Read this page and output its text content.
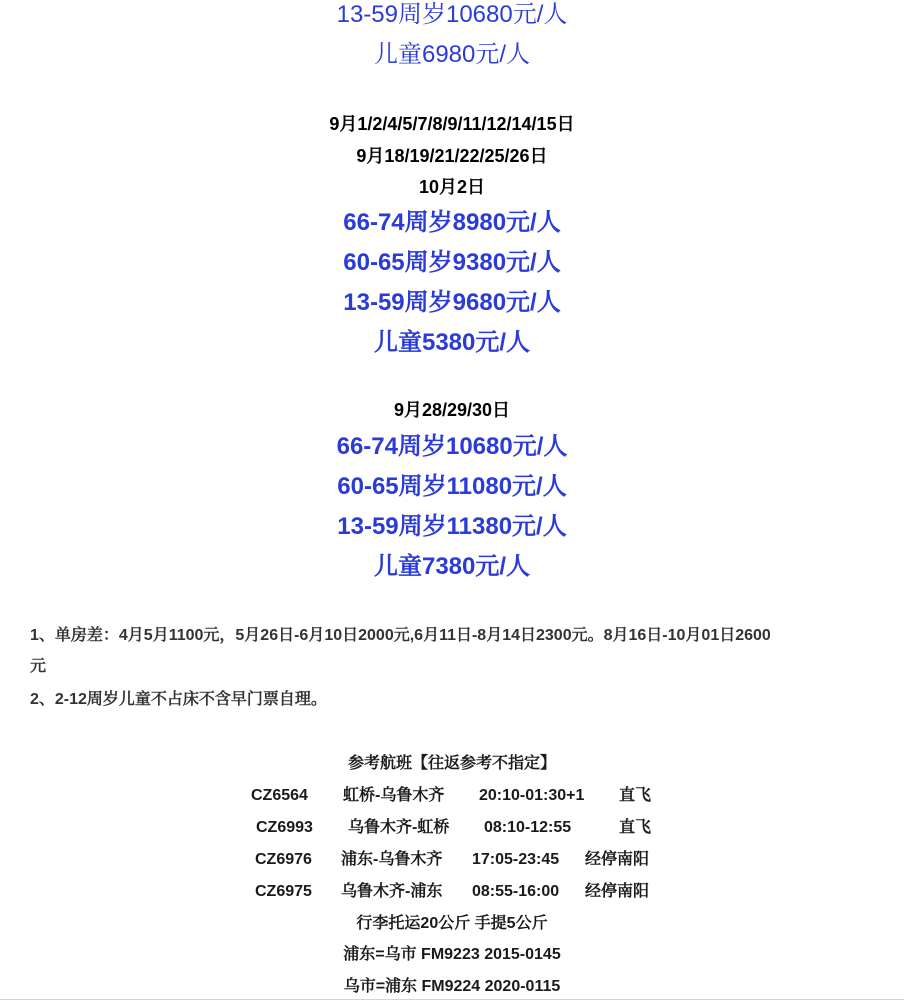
13-59周岁10680元/人
儿童6980元/人
9月1/2/4/5/7/8/9/11/12/14/15日
9月18/19/21/22/25/26日
10月2日
66-74周岁8980元/人
60-65周岁9380元/人
13-59周岁9680元/人
儿童5380元/人
9月28/29/30日
66-74周岁10680元/人
60-65周岁11080元/人
13-59周岁11380元/人
儿童7380元/人
1、单房差：4月5月1100元，5月26日-6月10日2000元,6月11日-8月14日2300元。8月16日-10月01日2600
元
2、2-12周岁儿童不占床不含早门票自理。
参考航班【往返参考不指定】
CZ6564 虹桥-乌鲁木齐 20:10-01:30+1 直飞
CZ6993 乌鲁木齐-虹桥 08:10-12:55	直飞
CZ6976 浦东-乌鲁木齐 17:05-23:45 经停南阳
CZ6975 乌鲁木齐-浦东 08:55-16:00 经停南阳
行李托运20公斤 手提5公斤
浦东=乌市 FM9223 2015-0145
乌市=浦东 FM9224 2020-0115
